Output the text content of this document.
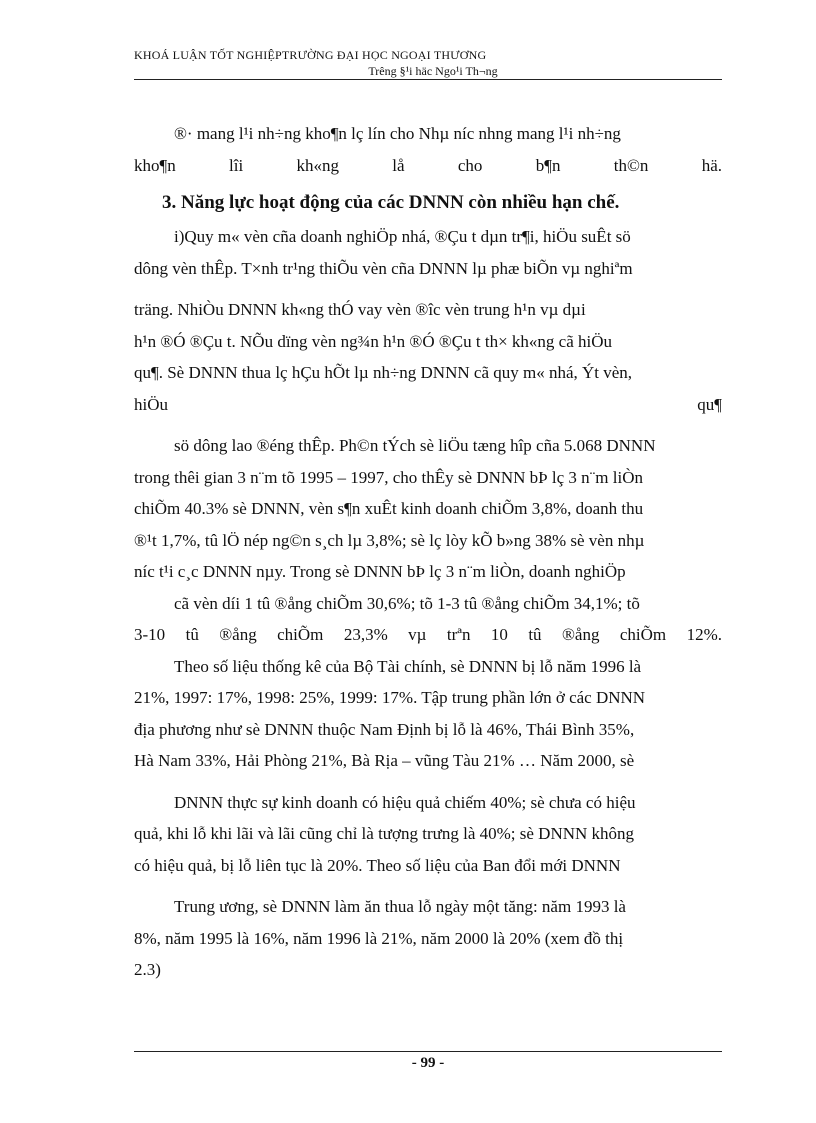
KHOÁ LUẬN TỐT NGHIỆPTRƯỜNG ĐẠI HỌC NGOẠI THƯƠNG
Trêng §¹i häc Ngo¹i Th¬ng
®· mang l¹i nh÷ng kho¶n lç lín cho Nhµ níc nhng mang l¹i nh÷ng
kho¶n lîi kh«ng lå cho b¶n th©n hä.
3. Năng lực hoạt động của các DNNN còn nhiều hạn chế.
i)Quy m« vèn cña doanh nghiÖp nhá, ®Çu t dµn tr¶i, hiÖu suÊt sö
dông vèn thÊp. T×nh tr¹ng thiÕu vèn cña DNNN lµ phæ biÕn vµ nghiªm
träng. NhiÒu DNNN kh«ng thÓ vay vèn ®îc vèn trung h¹n vµ dµi
h¹n ®Ó ®Çu t. NÕu dïng vèn ng¾n h¹n ®Ó ®Çu t th× kh«ng cã hiÖu
qu¶. Sè DNNN thua lç hÇu hÕt lµ nh÷ng DNNN cã quy m« nhá, Ýt vèn,
hiÖu qu¶
sö dông lao ®éng thÊp. Ph©n tÝch sè liÖu tæng hîp cña 5.068 DNNN
trong thêi gian 3 n¨m tõ 1995 – 1997, cho thÊy sè DNNN bÞ lç 3 n¨m liÒn
chiÕm 40.3% sè DNNN, vèn s¶n xuÊt kinh doanh chiÕm 3,8%, doanh thu
®¹t 1,7%, tû lÖ nép ng©n s¸ch lµ 3,8%; sè lç lòy kÕ b»ng 38% sè vèn nhµ
níc t¹i c¸c DNNN nµy. Trong sè DNNN bÞ lç 3 n¨m liÒn, doanh nghiÖp
cã vèn díi 1 tû ®ång chiÕm 30,6%; tõ 1-3 tû ®ång chiÕm 34,1%; tõ
3-10 tû ®ång chiÕm 23,3% vµ trªn 10 tû ®ång chiÕm 12%.
Theo số liệu thống kê của Bộ Tài chính, sè DNNN bị lỗ năm 1996 là
21%, 1997: 17%, 1998: 25%, 1999: 17%. Tập trung phần lớn ở các DNNN
địa phương như sè DNNN thuộc Nam Định bị lỗ là 46%, Thái Bình 35%,
Hà Nam 33%, Hải Phòng 21%, Bà Rịa – vũng Tàu 21% … Năm 2000, sè
DNNN thực sự kinh doanh có hiệu quả chiếm 40%; sè chưa có hiệu
quả, khi lỗ khi lãi và lãi cũng chỉ là tượng trưng là 40%; sè DNNN không
có hiệu quả, bị lỗ liên tục là 20%. Theo số liệu của Ban đổi mới DNNN
Trung ương, sè DNNN làm ăn thua lỗ ngày một tăng: năm 1993 là
8%, năm 1995 là 16%, năm 1996 là 21%, năm 2000 là 20% (xem đồ thị
2.3)
- 99 -
